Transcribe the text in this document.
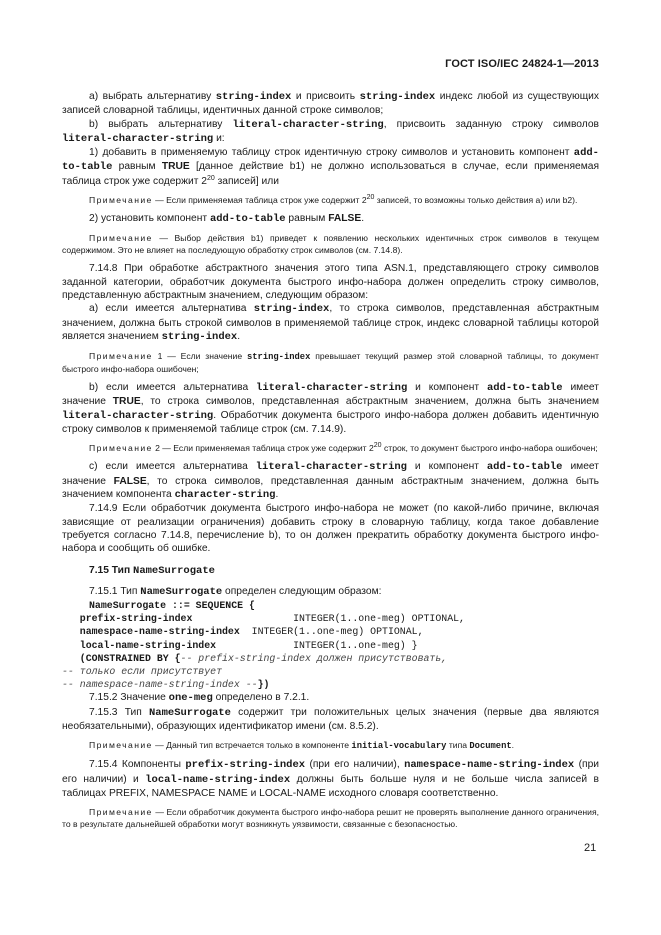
ГОСТ ISO/IEC 24824-1—2013

а) выбрать альтернативу string-index и присвоить string-index индекс любой из существующих записей словарной таблицы, идентичных данной строке символов;

b) выбрать альтернативу literal-character-string, присвоить заданную строку символов literal-character-string и:

1) добавить в применяемую таблицу строк идентичную строку символов и установить компонент add-to-table равным TRUE [данное действие b1) не должно использоваться в случае, если применяемая таблица строк уже содержит $2^{20}$ записей] или

Примечание — Если применяемая таблица строк уже содержит $2^{20}$ записей, то возможны только действия а) или b2).

2) установить компонент add-to-table равным FALSE.

Примечание — Выбор действия b1) приведет к появлению нескольких идентичных строк символов в текущем содержимом. Это не влияет на последующую обработку строк символов (см. 7.14.8).

7.14.8 При обработке абстрактного значения этого типа ASN.1, представляющего строку символов заданной категории, обработчик документа быстрого инфо-набора должен определить строку символов, представленную абстрактным значением, следующим образом:

а) если имеется альтернатива string-index, то строка символов, представленная абстрактным значением, должна быть строкой символов в применяемой таблице строк, индекс словарной таблицы которой является значением string-index.

Примечание 1 — Если значение string-index превышает текущий размер этой словарной таблицы, то документ быстрого инфо-набора ошибочен;

b) если имеется альтернатива literal-character-string и компонент add-to-table имеет значение TRUE, то строка символов, представленная абстрактным значением, должна быть значением literal-character-string. Обработчик документа быстрого инфо-набора должен добавить идентичную строку символов к применяемой таблице строк (см. 7.14.9).

Примечание 2 — Если применяемая таблица строк уже содержит $2^{20}$ строк, то документ быстрого инфо-набора ошибочен;

с) если имеется альтернатива literal-character-string и компонент add-to-table имеет значение FALSE, то строка символов, представленная данным абстрактным значением, должна быть значением компонента character-string.

7.14.9 Если обработчик документа быстрого инфо-набора не может (по какой-либо причине, включая зависящие от реализации ограничения) добавить строку в словарную таблицу, когда такое добавление требуется согласно 7.14.8, перечисление b), то он должен прекратить обработку документа быстрого инфо-набора и сообщить об ошибке.

7.15 Тип NameSurrogate

7.15.1 Тип NameSurrogate определен следующим образом:

NameSurrogate ::= SEQUENCE {
prefix-string-index	INTEGER(1..one-meg) OPTIONAL,
namespace-name-string-index INTEGER(1..one-meg) OPTIONAL,
local-name-string-index	INTEGER(1..one-meg) }
(CONSTRAINED BY {-- prefix-string-index должен присутствовать,
-- только если присутствует
-- namespace-name-string-index --})

7.15.2 Значение one-meg определено в 7.2.1.

7.15.3 Тип NameSurrogate содержит три положительных целых значения (первые два являются необязательными), образующих идентификатор имени (см. 8.5.2).

Примечание — Данный тип встречается только в компоненте initial-vocabulary типа Document.

7.15.4 Компоненты prefix-string-index (при его наличии), namespace-name-string-index (при его наличии) и local-name-string-index должны быть больше нуля и не больше числа записей в таблицах PREFIX, NAMESPACE NAME и LOCAL-NAME исходного словаря соответственно.

Примечание — Если обработчик документа быстрого инфо-набора решит не проверять выполнение данного ограничения, то в результате дальнейшей обработки могут возникнуть уязвимости, связанные с безопасностью.

21
